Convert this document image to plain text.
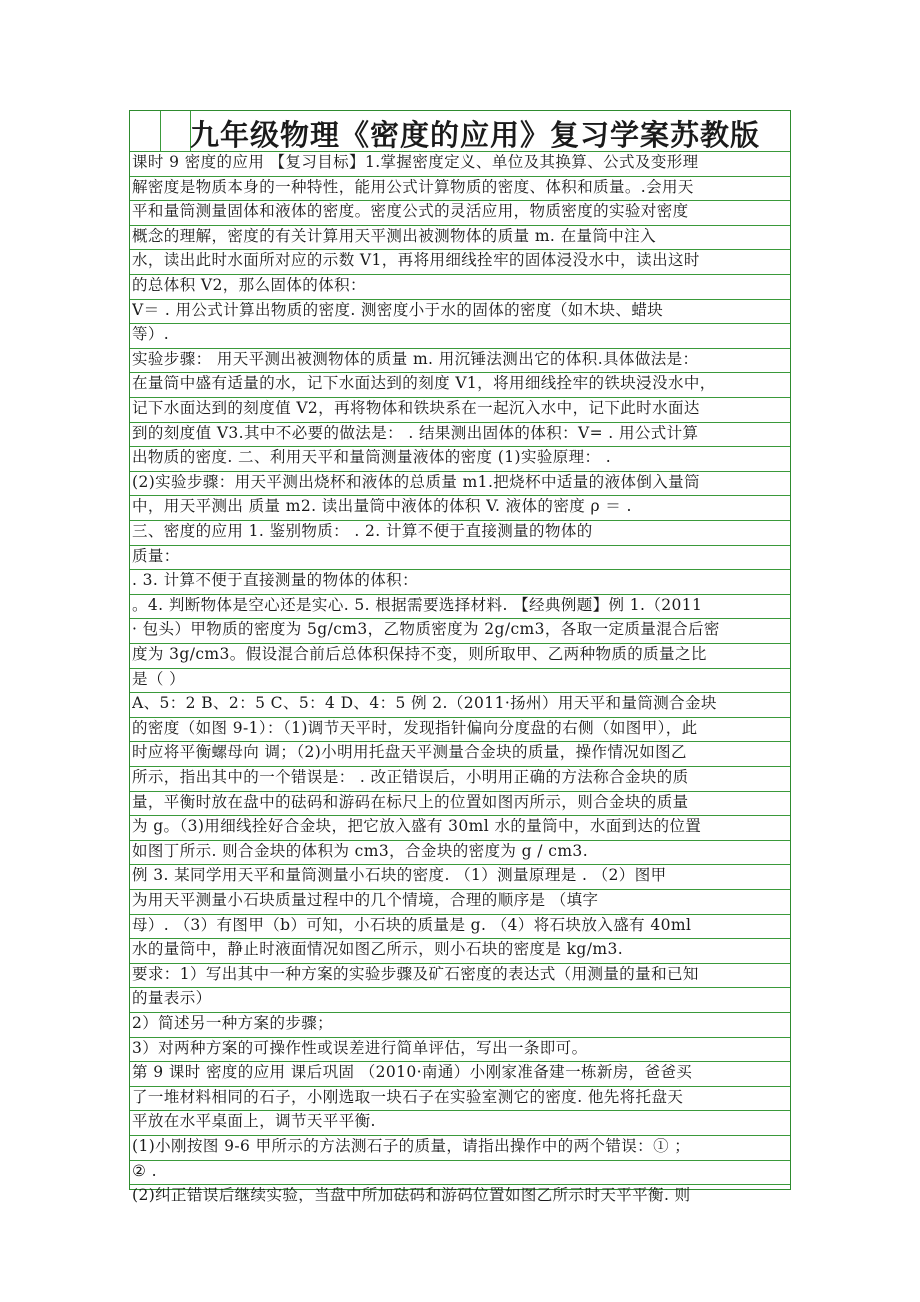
九年级物理《密度的应用》复习学案苏教版
课时 9 密度的应用 【复习目标】1.掌握密度定义、单位及其换算、公式及变形理
解密度是物质本身的一种特性，能用公式计算物质的密度、体积和质量。.会用天
平和量筒测量固体和液体的密度。密度公式的灵活应用，物质密度的实验对密度
概念的理解，密度的有关计算用天平测出被测物体的质量 m. 在量筒中注入
水，读出此时水面所对应的示数 V1，再将用细线拴牢的固体浸没水中，读出这时
的总体积 V2，那么固体的体积：
V＝ . 用公式计算出物质的密度. 测密度小于水的固体的密度（如木块、蜡块
等）.
实验步骤： 用天平测出被测物体的质量 m. 用沉锤法测出它的体积.具体做法是：
在量筒中盛有适量的水，记下水面达到的刻度 V1，将用细线拴牢的铁块浸没水中，
记下水面达到的刻度值 V2，再将物体和铁块系在一起沉入水中，记下此时水面达
到的刻度值 V3.其中不必要的做法是： . 结果测出固体的体积：V= . 用公式计算
出物质的密度. 二、利用天平和量筒测量液体的密度 (1)实验原理： .
(2)实验步骤：用天平测出烧杯和液体的总质量 m1.把烧杯中适量的液体倒入量筒
中，用天平测出 质量 m2. 读出量筒中液体的体积 V. 液体的密度 ρ ＝ .
三、密度的应用 1. 鉴别物质： . 2. 计算不便于直接测量的物体的
质量：
. 3. 计算不便于直接测量的物体的体积：
。4. 判断物体是空心还是实心. 5. 根据需要选择材料. 【经典例题】例 1.（2011
· 包头）甲物质的密度为 5g/cm3，乙物质密度为 2g/cm3，各取一定质量混合后密
度为 3g/cm3。假设混合前后总体积保持不变，则所取甲、乙两种物质的质量之比
是（ ）
A、5：2 B、2：5 C、5：4 D、4：5 例 2.（2011·扬州）用天平和量筒测合金块
的密度（如图 9-1）：（1)调节天平时，发现指针偏向分度盘的右侧（如图甲），此
时应将平衡螺母向 调；（2)小明用托盘天平测量合金块的质量，操作情况如图乙
所示，指出其中的一个错误是： . 改正错误后，小明用正确的方法称合金块的质
量，平衡时放在盘中的砝码和游码在标尺上的位置如图丙所示，则合金块的质量
为 g。（3)用细线拴好合金块，把它放入盛有 30ml 水的量筒中，水面到达的位置
如图丁所示. 则合金块的体积为 cm3，合金块的密度为 g / cm3.
例 3. 某同学用天平和量筒测量小石块的密度. （1）测量原理是 . （2）图甲
为用天平测量小石块质量过程中的几个情境，合理的顺序是 （填字
母）. （3）有图甲（b）可知，小石块的质量是 g. （4）将石块放入盛有 40ml
水的量筒中，静止时液面情况如图乙所示，则小石块的密度是 kg/m3.
要求：1）写出其中一种方案的实验步骤及矿石密度的表达式（用测量的量和已知
的量表示）
2）简述另一种方案的步骤；
3）对两种方案的可操作性或误差进行简单评估，写出一条即可。
第 9 课时 密度的应用 课后巩固 （2010·南通）小刚家准备建一栋新房，爸爸买
了一堆材料相同的石子，小刚选取一块石子在实验室测它的密度. 他先将托盘天
平放在水平桌面上，调节天平平衡.
(1)小刚按图 9-6 甲所示的方法测石子的质量，请指出操作中的两个错误：① ；
② .
(2)纠正错误后继续实验，当盘中所加砝码和游码位置如图乙所示时天平平衡. 则
